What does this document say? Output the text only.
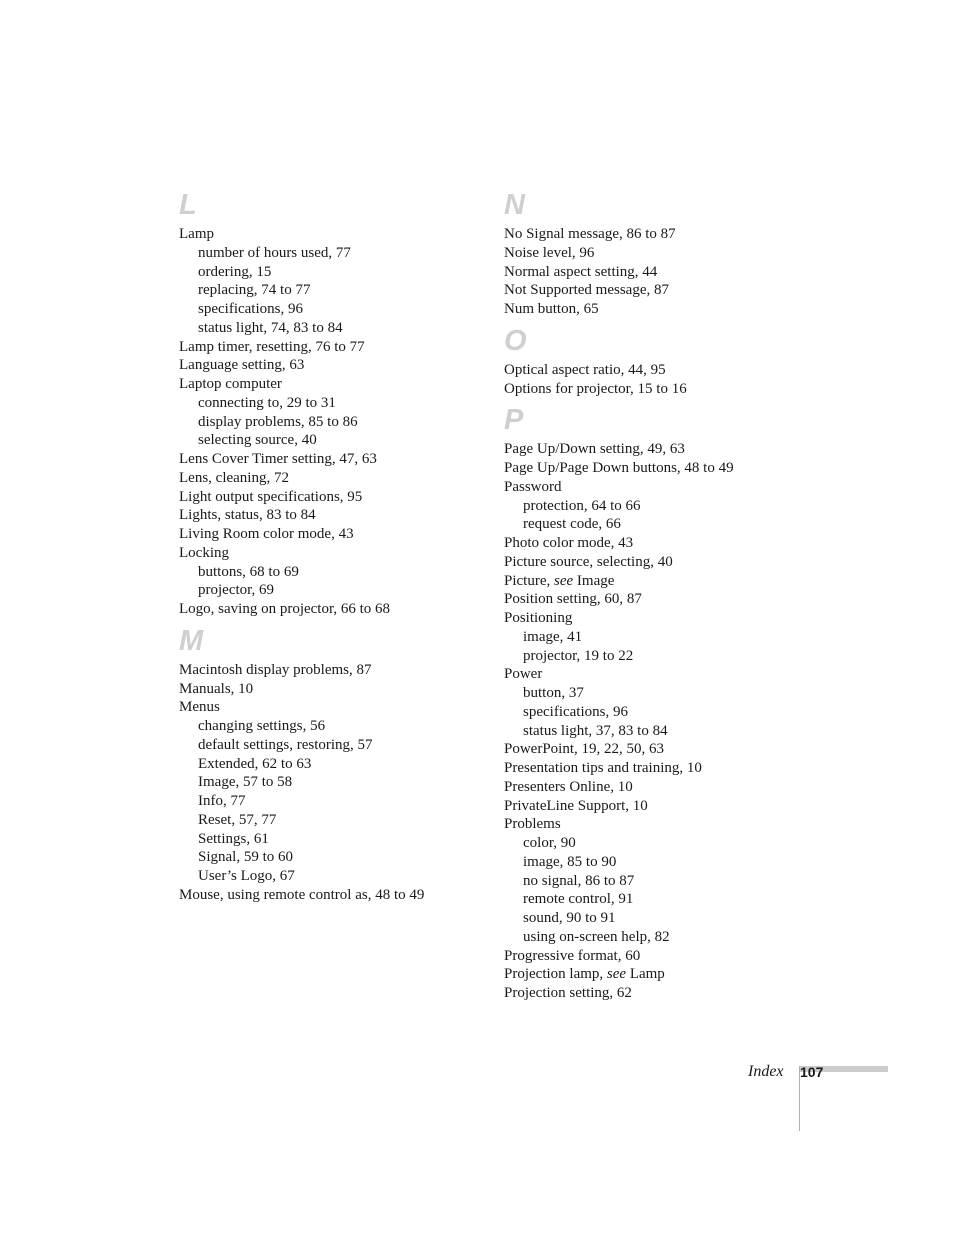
L
Lamp
number of hours used, 77
ordering, 15
replacing, 74 to 77
specifications, 96
status light, 74, 83 to 84
Lamp timer, resetting, 76 to 77
Language setting, 63
Laptop computer
connecting to, 29 to 31
display problems, 85 to 86
selecting source, 40
Lens Cover Timer setting, 47, 63
Lens, cleaning, 72
Light output specifications, 95
Lights, status, 83 to 84
Living Room color mode, 43
Locking
buttons, 68 to 69
projector, 69
Logo, saving on projector, 66 to 68
M
Macintosh display problems, 87
Manuals, 10
Menus
changing settings, 56
default settings, restoring, 57
Extended, 62 to 63
Image, 57 to 58
Info, 77
Reset, 57, 77
Settings, 61
Signal, 59 to 60
User’s Logo, 67
Mouse, using remote control as, 48 to 49
N
No Signal message, 86 to 87
Noise level, 96
Normal aspect setting, 44
Not Supported message, 87
Num button, 65
O
Optical aspect ratio, 44, 95
Options for projector, 15 to 16
P
Page Up/Down setting, 49, 63
Page Up/Page Down buttons, 48 to 49
Password
protection, 64 to 66
request code, 66
Photo color mode, 43
Picture source, selecting, 40
Picture, see Image
Position setting, 60, 87
Positioning
image, 41
projector, 19 to 22
Power
button, 37
specifications, 96
status light, 37, 83 to 84
PowerPoint, 19, 22, 50, 63
Presentation tips and training, 10
Presenters Online, 10
PrivateLine Support, 10
Problems
color, 90
image, 85 to 90
no signal, 86 to 87
remote control, 91
sound, 90 to 91
using on-screen help, 82
Progressive format, 60
Projection lamp, see Lamp
Projection setting, 62
Index 107
